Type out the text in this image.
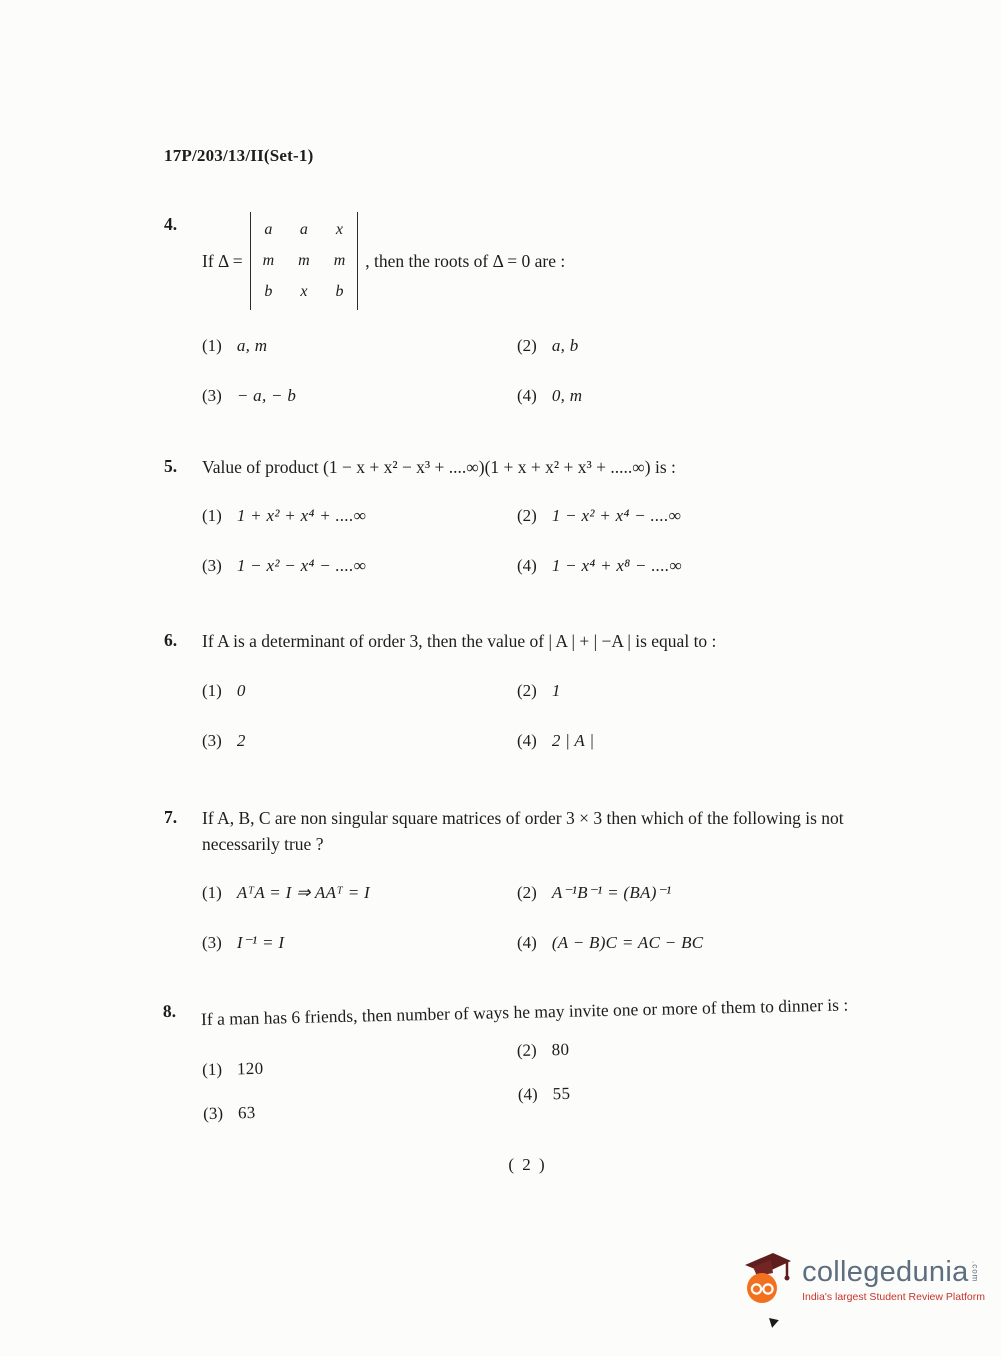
17P/203/13/II(Set-1)
4.
If Δ =
a a x
m m m
b x b
, then the roots of Δ = 0 are :
(1) a, m	(2) a, b
(3) − a, − b	(4) 0, m
5.	Value of product (1 − x + x² − x³ + ....∞)(1 + x + x² + x³ + .....∞) is :
(1) 1 + x² + x⁴ + ....∞	(2) 1 − x² + x⁴ − ....∞
(3) 1 − x² − x⁴ − ....∞	(4) 1 − x⁴ + x⁸ − ....∞
6.	If A is a determinant of order 3, then the value of | A | + | −A | is equal to :
(1) 0	(2) 1
(3) 2	(4) 2 | A |
7.	If A, B, C are non singular square matrices of order 3 × 3 then which of the following is not necessarily true ?
(1) AᵀA = I ⇒ AAᵀ = I	(2) A⁻¹B⁻¹ = (BA)⁻¹
(3) I⁻¹ = I	(4) (A − B)C = AC − BC
8.	If a man has 6 friends, then number of ways he may invite one or more of them to dinner is :
(1) 120
(2) 80
(3) 63
(4) 55
( 2 )
collegedunia .com
India's largest Student Review Platform
